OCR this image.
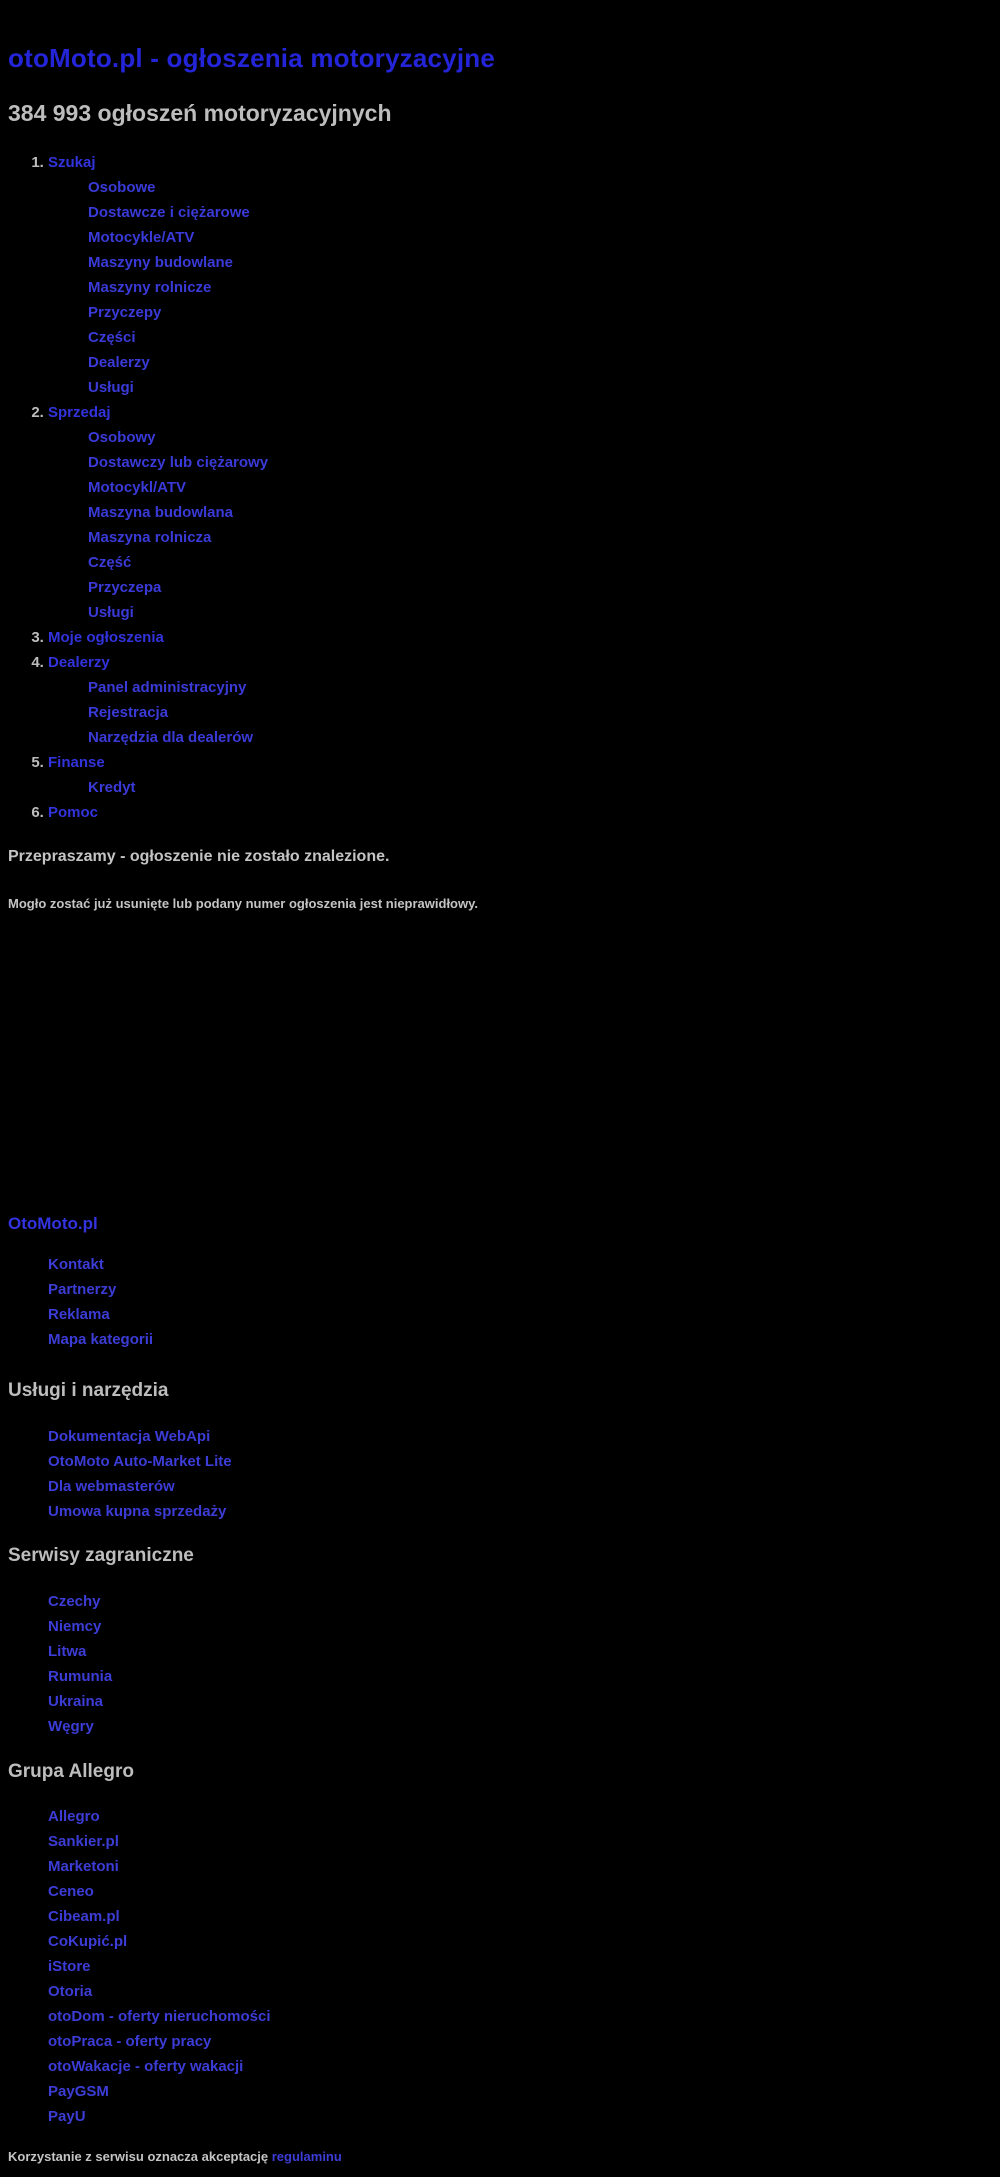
otoMoto.pl - ogłoszenia motoryzacyjne
384 993 ogłoszeń motoryzacyjnych
1. Szukaj
Osobowe
Dostawcze i ciężarowe
Motocykle/ATV
Maszyny budowlane
Maszyny rolnicze
Przyczepy
Części
Dealerzy
Usługi
2. Sprzedaj
Osobowy
Dostawczy lub ciężarowy
Motocykl/ATV
Maszyna budowlana
Maszyna rolnicza
Część
Przyczepa
Usługi
3. Moje ogłoszenia
4. Dealerzy
Panel administracyjny
Rejestracja
Narzędzia dla dealerów
5. Finanse
Kredyt
6. Pomoc
Przepraszamy - ogłoszenie nie zostało znalezione.

Mogło zostać już usunięte lub podany numer ogłoszenia jest nieprawidłowy.

OtoMoto.pl
Kontakt
Partnerzy
Reklama
Mapa kategorii
Usługi i narzędzia
Dokumentacja WebApi
OtoMoto Auto-Market Lite
Dla webmasterów
Umowa kupna sprzedaży
Serwisy zagraniczne
Czechy
Niemcy
Litwa
Rumunia
Ukraina
Węgry
Grupa Allegro
Allegro
Sankier.pl
Marketoni
Ceneo
Cibeam.pl
CoKupić.pl
iStore
Otoria
otoDom - oferty nieruchomości
otoPraca - oferty pracy
otoWakacje - oferty wakacji
PayGSM
PayU

Korzystanie z serwisu oznacza akceptację regulaminu
